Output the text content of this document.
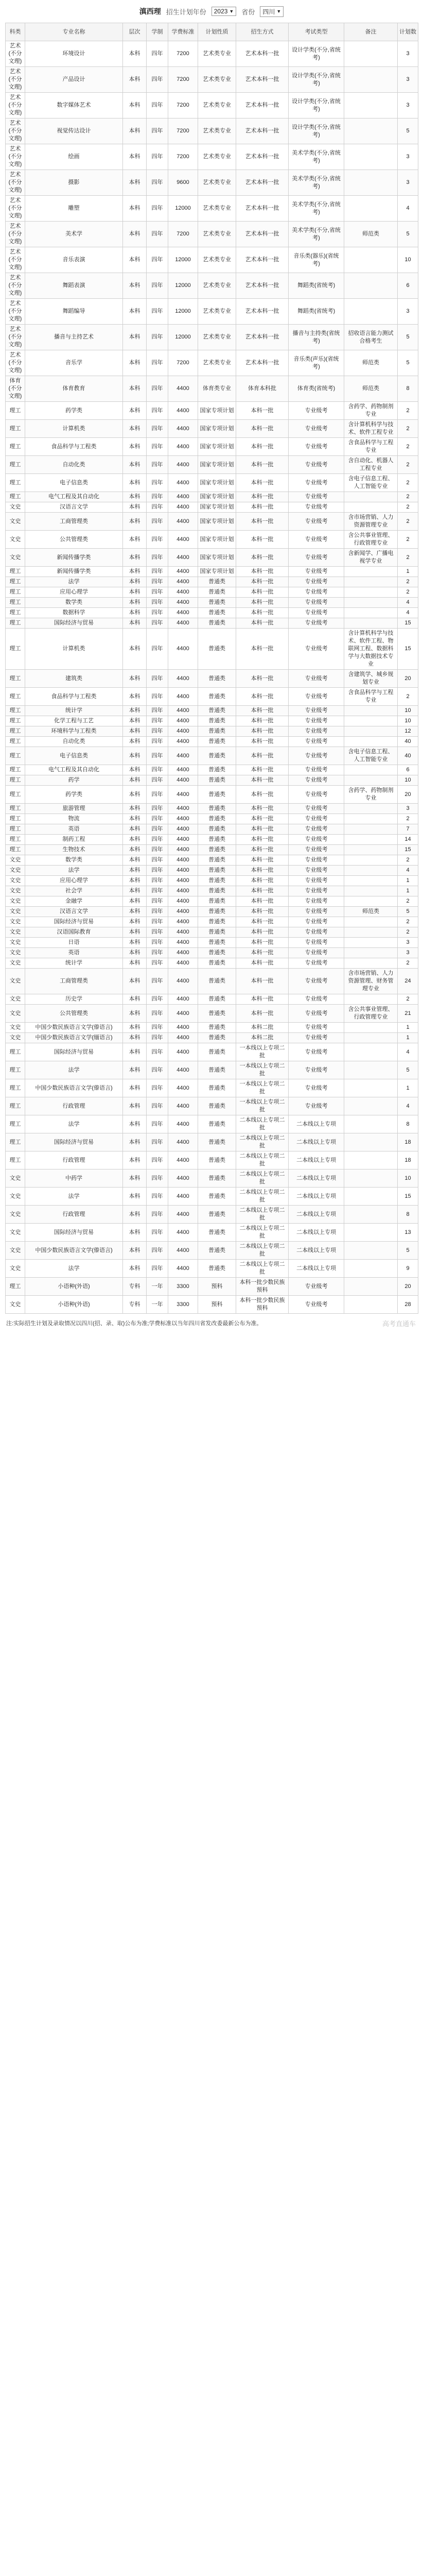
滇西理 招生计划年份 2023 ▼ 省份 四川 ▼
科类	专业名称	层次	学制	学费标准	计划性质	招生方式	考试类型	备注	计划数
艺术(不分文理)	环境设计	本科	四年	7200	艺术类专业	艺术本科一批	设计学类(不分,省统考)		3
艺术(不分文理)	产品设计	本科	四年	7200	艺术类专业	艺术本科一批	设计学类(不分,省统考)		3
艺术(不分文理)	数字媒体艺术	本科	四年	7200	艺术类专业	艺术本科一批	设计学类(不分,省统考)		3
艺术(不分文理)	视觉传达设计	本科	四年	7200	艺术类专业	艺术本科一批	设计学类(不分,省统考)		5
艺术(不分文理)	绘画	本科	四年	7200	艺术类专业	艺术本科一批	美术学类(不分,省统考)		3
艺术(不分文理)	摄影	本科	四年	9600	艺术类专业	艺术本科一批	美术学类(不分,省统考)		3
艺术(不分文理)	雕塑	本科	四年	12000	艺术类专业	艺术本科一批	美术学类(不分,省统考)		4
艺术(不分文理)	美术学	本科	四年	7200	艺术类专业	艺术本科一批	美术学类(不分,省统考)	师范类	5
艺术(不分文理)	音乐表演	本科	四年	12000	艺术类专业	艺术本科一批	音乐类(器乐)(省统考)		10
艺术(不分文理)	舞蹈表演	本科	四年	12000	艺术类专业	艺术本科一批	舞蹈类(省统考)		6
艺术(不分文理)	舞蹈编导	本科	四年	12000	艺术类专业	艺术本科一批	舞蹈类(省统考)		3
艺术(不分文理)	播音与主持艺术	本科	四年	12000	艺术类专业	艺术本科一批	播音与主持类(省统考)	招收语言能力测试合格考生	5
艺术(不分文理)	音乐学	本科	四年	7200	艺术类专业	艺术本科一批	音乐类(声乐)(省统考)	师范类	5
体育(不分文理)	体育教育	本科	四年	4400	体育类专业	体育本科批	体育类(省统考)	师范类	8
理工	药学类	本科	四年	4400	国家专项计划	本科一批	专业级考	含药学、药物制剂专业	2
理工	计算机类	本科	四年	4400	国家专项计划	本科一批	专业级考	含计算机科学与技术、软件工程专业	2
理工	食品科学与工程类	本科	四年	4400	国家专项计划	本科一批	专业级考	含食品科学与工程专业	2
理工	自动化类	本科	四年	4400	国家专项计划	本科一批	专业级考	含自动化、机器人工程专业	2
理工	电子信息类	本科	四年	4400	国家专项计划	本科一批	专业级考	含电子信息工程、人工智能专业	2
理工	电气工程及其自动化	本科	四年	4400	国家专项计划	本科一批	专业级考		2
文史	汉语言文学	本科	四年	4400	国家专项计划	本科一批	专业级考		2
文史	工商管理类	本科	四年	4400	国家专项计划	本科一批	专业级考	含市场营销、人力资源管理专业	2
文史	公共管理类	本科	四年	4400	国家专项计划	本科一批	专业级考	含公共事业管理、行政管理专业	2
文史	新闻传播学类	本科	四年	4400	国家专项计划	本科一批	专业级考	含新闻学、广播电视学专业	2
理工	新闻传播学类	本科	四年	4400	国家专项计划	本科一批	专业级考		1
理工	法学	本科	四年	4400	普通类	本科一批	专业级考		2
理工	应用心理学	本科	四年	4400	普通类	本科一批	专业级考		2
理工	数学类	本科	四年	4400	普通类	本科一批	专业级考		4
理工	数据科学	本科	四年	4400	普通类	本科一批	专业级考		4
理工	国际经济与贸易	本科	四年	4400	普通类	本科一批	专业级考		15
理工	计算机类	本科	四年	4400	普通类	本科一批	专业级考	含计算机科学与技术、软件工程、物联网工程、数据科学与大数据技术专业	15
理工	建筑类	本科	四年	4400	普通类	本科一批	专业级考	含建筑学、城乡规划专业	20
理工	食品科学与工程类	本科	四年	4400	普通类	本科一批	专业级考	含食品科学与工程专业	2
理工	统计学	本科	四年	4400	普通类	本科一批	专业级考		10
理工	化学工程与工艺	本科	四年	4400	普通类	本科一批	专业级考		10
理工	环境科学与工程类	本科	四年	4400	普通类	本科一批	专业级考		12
理工	自动化类	本科	四年	4400	普通类	本科一批	专业级考		40
理工	电子信息类	本科	四年	4400	普通类	本科一批	专业级考	含电子信息工程、人工智能专业	40
理工	电气工程及其自动化	本科	四年	4400	普通类	本科一批	专业级考		6
理工	药学	本科	四年	4400	普通类	本科一批	专业级考		10
理工	药学类	本科	四年	4400	普通类	本科一批	专业级考	含药学、药物制剂专业	20
理工	旅游管理	本科	四年	4400	普通类	本科一批	专业级考		3
理工	物流	本科	四年	4400	普通类	本科一批	专业级考		2
理工	英语	本科	四年	4400	普通类	本科一批	专业级考		7
理工	制药工程	本科	四年	4400	普通类	本科一批	专业级考		14
理工	生物技术	本科	四年	4400	普通类	本科一批	专业级考		15
文史	数学类	本科	四年	4400	普通类	本科一批	专业级考		2
文史	法学	本科	四年	4400	普通类	本科一批	专业级考		4
文史	应用心理学	本科	四年	4400	普通类	本科一批	专业级考		1
文史	社会学	本科	四年	4400	普通类	本科一批	专业级考		1
文史	金融学	本科	四年	4400	普通类	本科一批	专业级考		2
文史	汉语言文学	本科	四年	4400	普通类	本科一批	专业级考	师范类	5
文史	国际经济与贸易	本科	四年	4400	普通类	本科一批	专业级考		2
文史	汉语国际教育	本科	四年	4400	普通类	本科一批	专业级考		2
文史	日语	本科	四年	4400	普通类	本科一批	专业级考		3
文史	英语	本科	四年	4400	普通类	本科一批	专业级考		3
文史	统计学	本科	四年	4400	普通类	本科一批	专业级考		2
文史	工商管理类	本科	四年	4400	普通类	本科一批	专业级考	含市场营销、人力资源管理、财务管理专业	24
文史	历史学	本科	四年	4400	普通类	本科一批	专业级考		2
文史	公共管理类	本科	四年	4400	普通类	本科一批	专业级考	含公共事业管理、行政管理专业	21
文史	中国少数民族语言文学(傣语言)	本科	四年	4400	普通类	本科二批	专业级考		1
文史	中国少数民族语言文学(缅语言)	本科	四年	4400	普通类	本科二批	专业级考		1
理工	国际经济与贸易	本科	四年	4400	普通类	一本线以上专项二批	专业级考		4
理工	法学	本科	四年	4400	普通类	一本线以上专项二批	专业级考		5
理工	中国少数民族语言文学(傣语言)	本科	四年	4400	普通类	一本线以上专项二批	专业级考		1
理工	行政管理	本科	四年	4400	普通类	一本线以上专项二批	专业级考		4
理工	法学	本科	四年	4400	普通类	二本线以上专项二批	二本线以上专项		8
理工	国际经济与贸易	本科	四年	4400	普通类	二本线以上专项二批	二本线以上专项		18
理工	行政管理	本科	四年	4400	普通类	二本线以上专项二批	二本线以上专项		18
文史	中药学	本科	四年	4400	普通类	二本线以上专项二批	二本线以上专项		10
文史	法学	本科	四年	4400	普通类	二本线以上专项二批	二本线以上专项		15
文史	行政管理	本科	四年	4400	普通类	二本线以上专项二批	二本线以上专项		8
文史	国际经济与贸易	本科	四年	4400	普通类	二本线以上专项二批	二本线以上专项		13
文史	中国少数民族语言文学(傣语言)	本科	四年	4400	普通类	二本线以上专项二批	二本线以上专项		5
文史	法学	本科	四年	4400	普通类	二本线以上专项二批	二本线以上专项		9
理工	小语种(外语)	专科	一年	3300	预科	本科一批少数民族预科	专业级考		20
文史	小语种(外语)	专科	一年	3300	预科	本科一批少数民族预科	专业级考		28
注:实际招生计划及录取情况以四川(招、录、取)公布为准;学费标准以当年四川省发改委最新公布为准。	高考直通车
